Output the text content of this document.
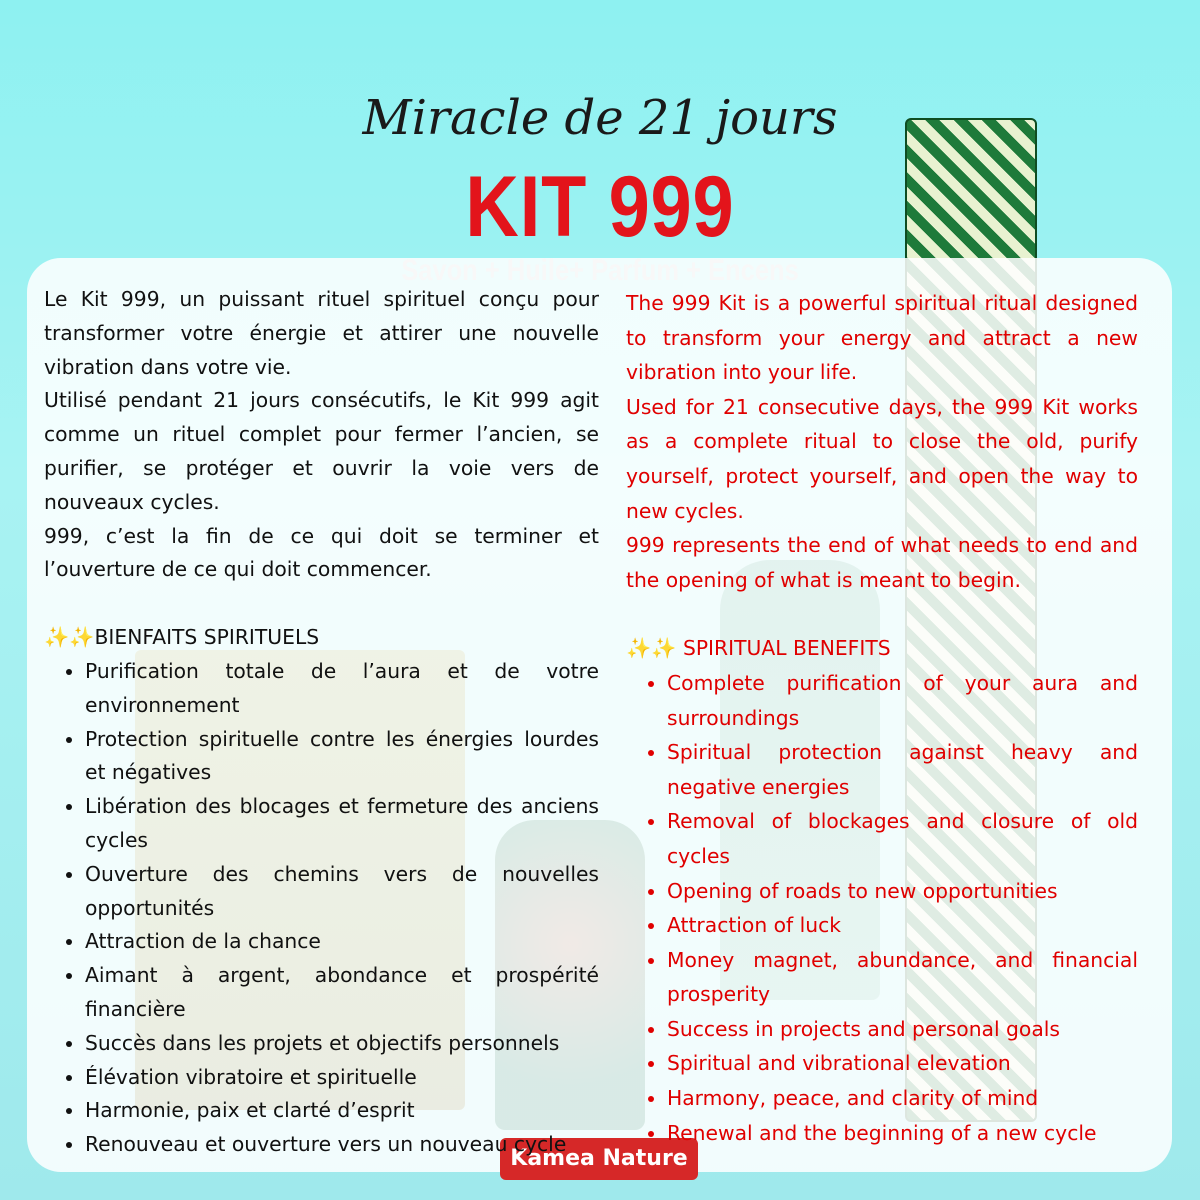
Miracle de 21 jours
KIT 999
Kamea Nature

Le Kit 999, un puissant rituel spirituel conçu pour transformer votre énergie et attirer une nouvelle vibration dans votre vie.

Utilisé pendant 21 jours consécutifs, le Kit 999 agit comme un rituel complet pour fermer l’ancien, se purifier, se protéger et ouvrir la voie vers de nouveaux cycles.

999, c’est la fin de ce qui doit se terminer et l’ouverture de ce qui doit commencer.

✨✨BIENFAITS SPIRITUELS

• Purification totale de l’aura et de votre environnement
• Protection spirituelle contre les énergies lourdes et négatives
• Libération des blocages et fermeture des anciens cycles
• Ouverture des chemins vers de nouvelles opportunités
• Attraction de la chance
• Aimant à argent, abondance et prospérité financière
• Succès dans les projets et objectifs personnels
• Élévation vibratoire et spirituelle
• Harmonie, paix et clarté d’esprit
• Renouveau et ouverture vers un nouveau cycle

The 999 Kit is a powerful spiritual ritual designed to transform your energy and attract a new vibration into your life.

Used for 21 consecutive days, the 999 Kit works as a complete ritual to close the old, purify yourself, protect yourself, and open the way to new cycles.

999 represents the end of what needs to end and the opening of what is meant to begin.

✨✨ SPIRITUAL BENEFITS

• Complete purification of your aura and surroundings
• Spiritual protection against heavy and negative energies
• Removal of blockages and closure of old cycles
• Opening of roads to new opportunities
• Attraction of luck
• Money magnet, abundance, and financial prosperity
• Success in projects and personal goals
• Spiritual and vibrational elevation
• Harmony, peace, and clarity of mind
• Renewal and the beginning of a new cycle
